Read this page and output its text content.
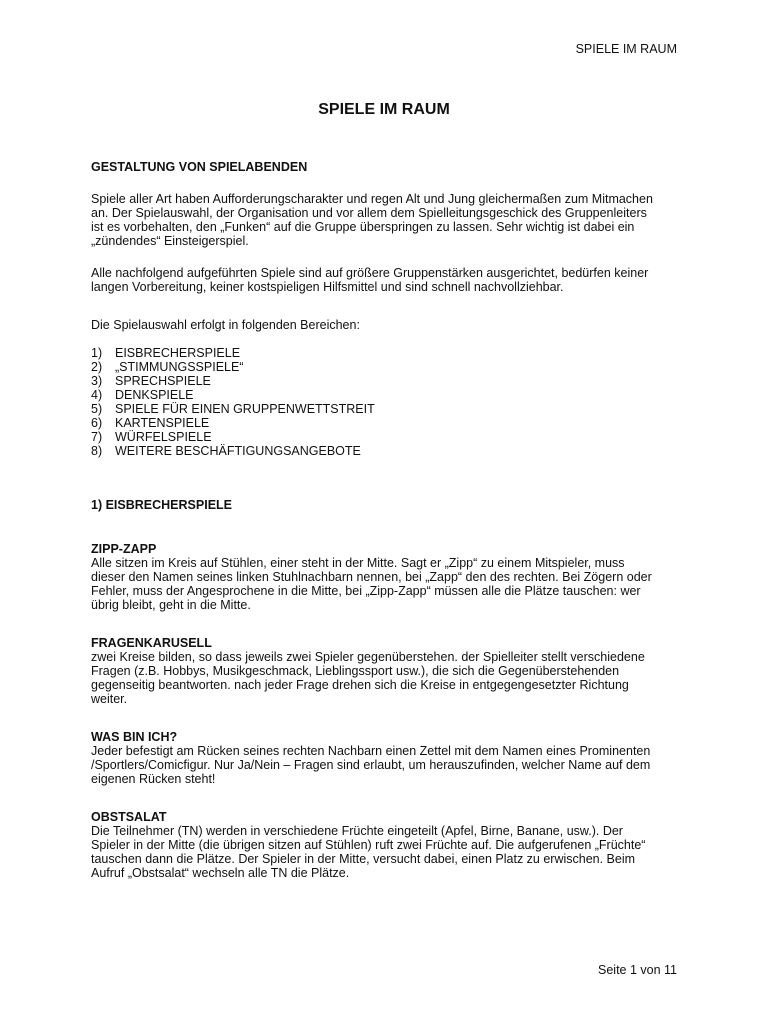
SPIELE IM RAUM
SPIELE IM RAUM
GESTALTUNG VON SPIELABENDEN

Spiele aller Art haben Aufforderungscharakter und regen Alt und Jung gleichermaßen zum Mitmachen
an. Der Spielauswahl, der Organisation und vor allem dem Spielleitungsgeschick des Gruppenleiters
ist es vorbehalten, den „Funken“ auf die Gruppe überspringen zu lassen. Sehr wichtig ist dabei ein
„zündendes“ Einsteigerspiel.

Alle nachfolgend aufgeführten Spiele sind auf größere Gruppenstärken ausgerichtet, bedürfen keiner
langen Vorbereitung, keiner kostspieligen Hilfsmittel und sind schnell nachvollziehbar.

Die Spielauswahl erfolgt in folgenden Bereichen:

1)	EISBRECHERSPIELE
2)	„STIMMUNGSSPIELE“
3)	SPRECHSPIELE
4)	DENKSPIELE
5)	SPIELE FÜR EINEN GRUPPENWETTSTREIT
6)	KARTENSPIELE
7)	WÜRFELSPIELE
8)	WEITERE BESCHÄFTIGUNGSANGEBOTE
1) EISBRECHERSPIELE
ZIPP-ZAPP

Alle sitzen im Kreis auf Stühlen, einer steht in der Mitte. Sagt er „Zipp“ zu einem Mitspieler, muss
dieser den Namen seines linken Stuhlnachbarn nennen, bei „Zapp“ den des rechten. Bei Zögern oder
Fehler, muss der Angesprochene in die Mitte, bei „Zipp-Zapp“ müssen alle die Plätze tauschen: wer
übrig bleibt, geht in die Mitte.

FRAGENKARUSELL

zwei Kreise bilden, so dass jeweils zwei Spieler gegenüberstehen. der Spielleiter stellt verschiedene
Fragen (z.B. Hobbys, Musikgeschmack, Lieblingssport usw.), die sich die Gegenüberstehenden
gegenseitig beantworten. nach jeder Frage drehen sich die Kreise in entgegengesetzter Richtung
weiter.

WAS BIN ICH?

Jeder befestigt am Rücken seines rechten Nachbarn einen Zettel mit dem Namen eines Prominenten
/Sportlers/Comicfigur. Nur Ja/Nein – Fragen sind erlaubt, um herauszufinden, welcher Name auf dem
eigenen Rücken steht!

OBSTSALAT

Die Teilnehmer (TN) werden in verschiedene Früchte eingeteilt (Apfel, Birne, Banane, usw.). Der
Spieler in der Mitte (die übrigen sitzen auf Stühlen) ruft zwei Früchte auf. Die aufgerufenen „Früchte“
tauschen dann die Plätze. Der Spieler in der Mitte, versucht dabei, einen Platz zu erwischen. Beim
Aufruf „Obstsalat“ wechseln alle TN die Plätze.

Seite 1 von 11
